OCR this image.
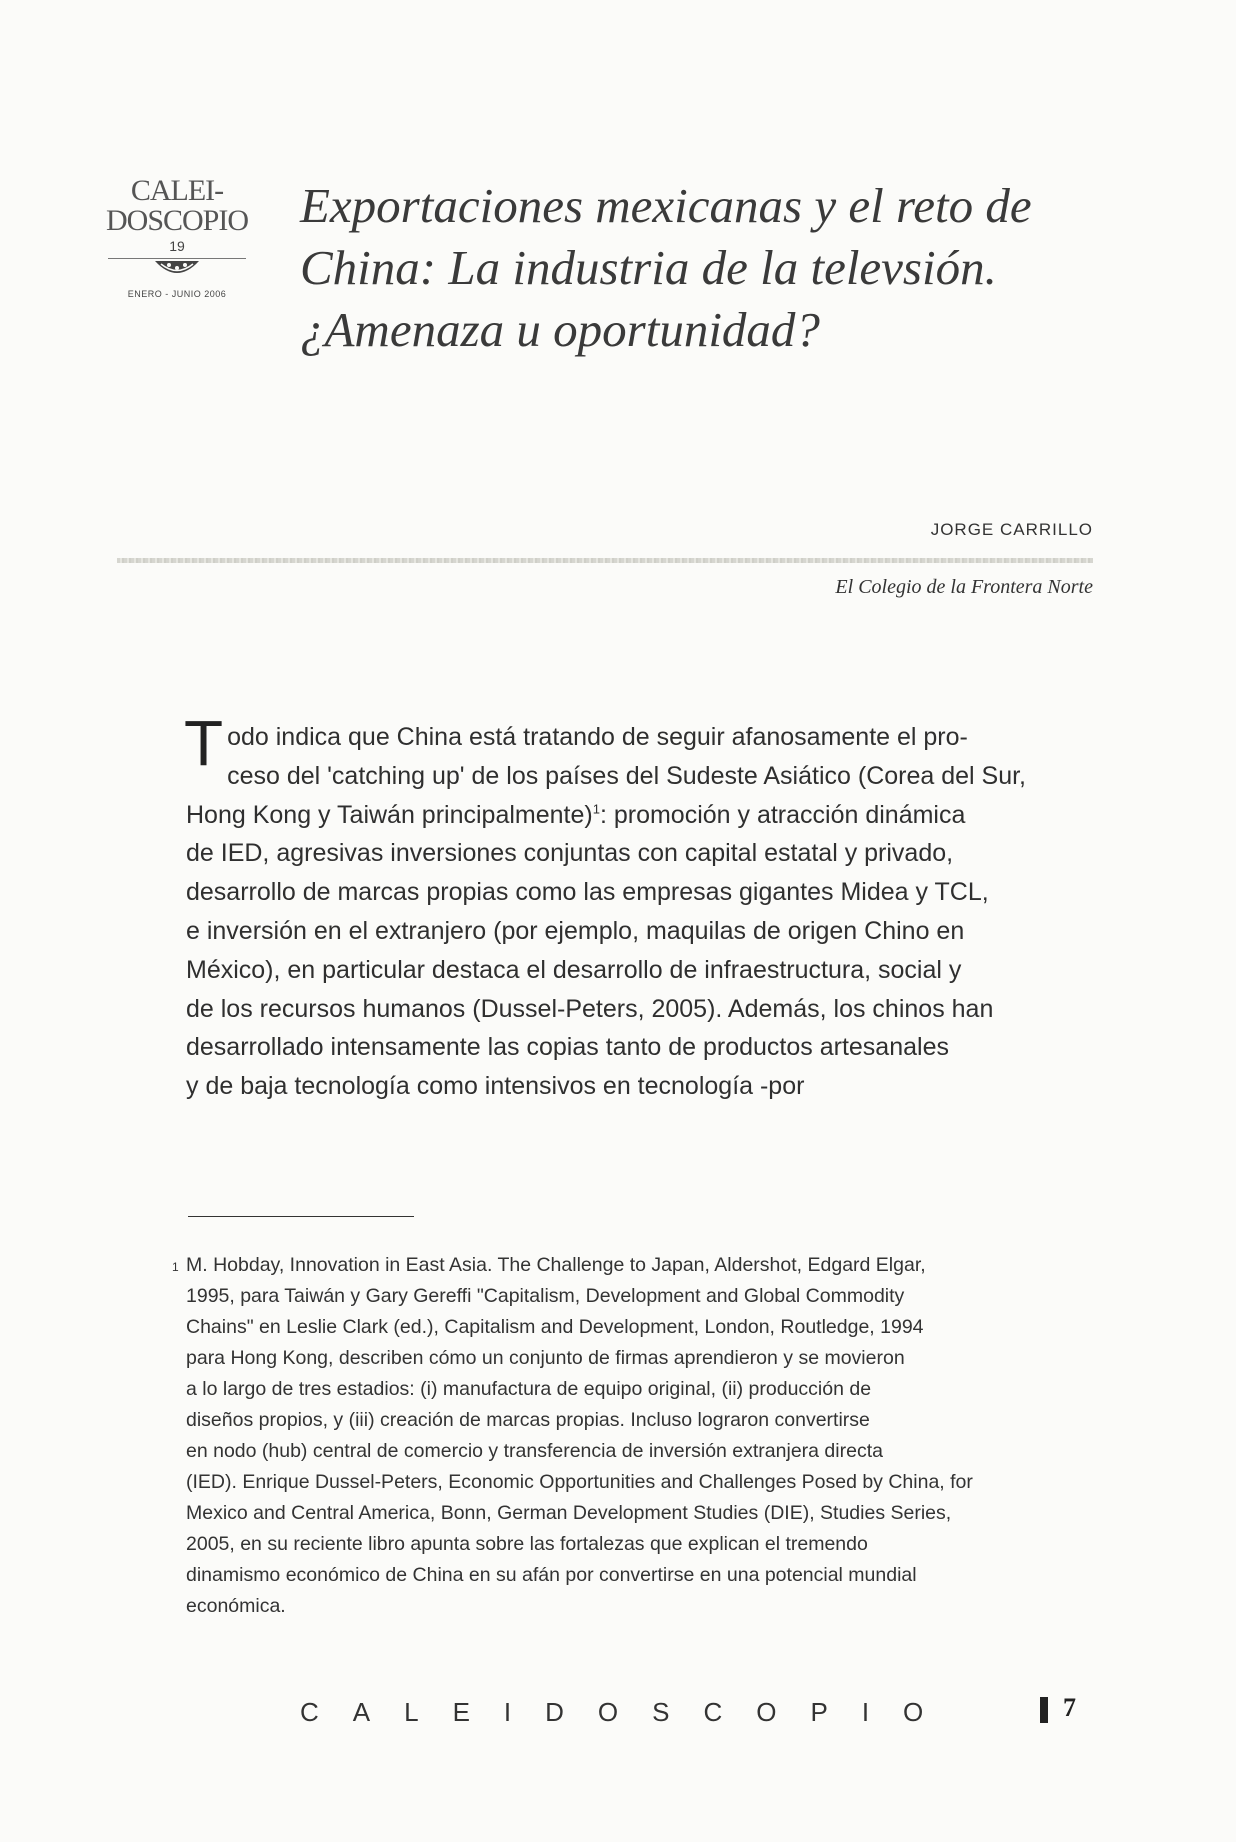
CALEI-
DOSCOPIO
19
ENERO - JUNIO 2006
Exportaciones mexicanas y el reto de
China: La industria de la televsión.
¿Amenaza u oportunidad?
JORGE CARRILLO
El Colegio de la Frontera Norte
T odo indica que China está tratando de seguir afanosamente el pro-
ceso del 'catching up' de los países del Sudeste Asiático (Corea del Sur,
Hong Kong y Taiwán principalmente)$^1$: promoción y atracción dinámica
de IED, agresivas inversiones conjuntas con capital estatal y privado,
desarrollo de marcas propias como las empresas gigantes Midea y TCL,
e inversión en el extranjero (por ejemplo, maquilas de origen Chino en
México), en particular destaca el desarrollo de infraestructura, social y
de los recursos humanos (Dussel-Peters, 2005). Además, los chinos han
desarrollado intensamente las copias tanto de productos artesanales
y de baja tecnología como intensivos en tecnología -por
1 M. Hobday, Innovation in East Asia. The Challenge to Japan, Aldershot, Edgard Elgar,
1995, para Taiwán y Gary Gereffi "Capitalism, Development and Global Commodity
Chains" en Leslie Clark (ed.), Capitalism and Development, London, Routledge, 1994
para Hong Kong, describen cómo un conjunto de firmas aprendieron y se movieron
a lo largo de tres estadios: (i) manufactura de equipo original, (ii) producción de
diseños propios, y (iii) creación de marcas propias. Incluso lograron convertirse
en nodo (hub) central de comercio y transferencia de inversión extranjera directa
(IED). Enrique Dussel-Peters, Economic Opportunities and Challenges Posed by China, for
Mexico and Central America, Bonn, German Development Studies (DIE), Studies Series,
2005, en su reciente libro apunta sobre las fortalezas que explican el tremendo
dinamismo económico de China en su afán por convertirse en una potencial mundial
económica.
CALEIDOSCOPIO	7
